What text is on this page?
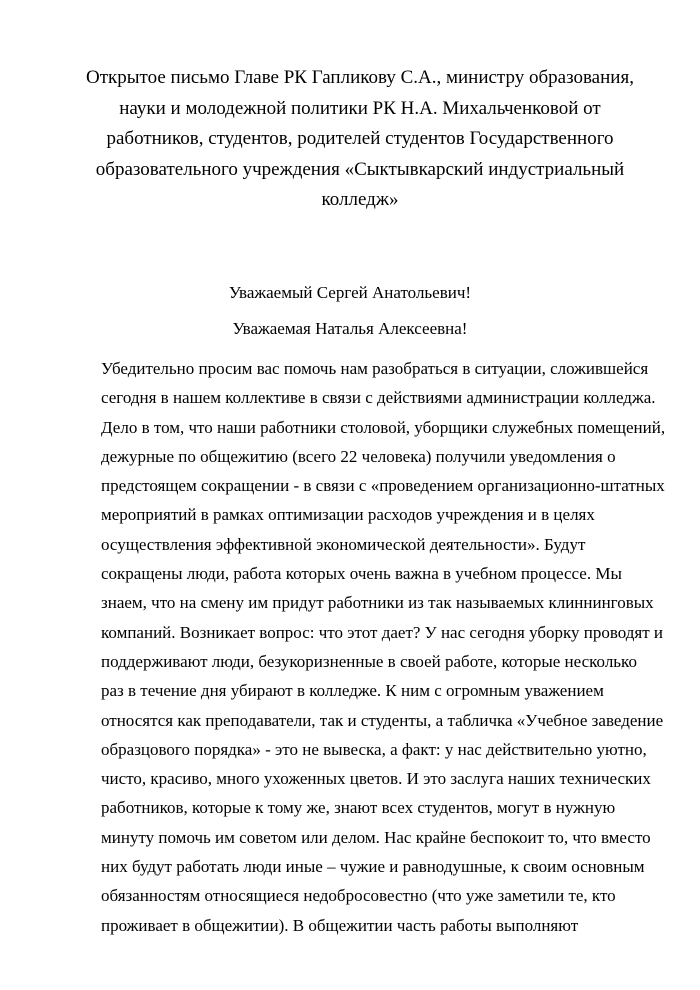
Открытое письмо Главе РК Гапликову С.А., министру образования,
науки и молодежной политики РК Н.А. Михальченковой от
работников, студентов, родителей студентов Государственного
образовательного учреждения «Сыктывкарский индустриальный
колледж»
Уважаемый Сергей Анатольевич!
Уважаемая Наталья Алексеевна!
Убедительно просим вас помочь нам разобраться в ситуации, сложившейся
сегодня в нашем коллективе в связи с действиями администрации колледжа.
Дело в том, что наши работники столовой, уборщики служебных помещений,
дежурные по общежитию (всего 22 человека) получили уведомления о
предстоящем сокращении - в связи с «проведением организационно-штатных
мероприятий в рамках оптимизации расходов учреждения и в целях
осуществления эффективной экономической деятельности». Будут
сокращены люди, работа которых очень важна в учебном процессе. Мы
знаем, что на смену им придут работники из так называемых клиннинговых
компаний. Возникает вопрос: что этот дает? У нас сегодня уборку проводят и
поддерживают люди, безукоризненные в своей работе, которые несколько
раз в течение дня убирают в колледже. К ним с огромным уважением
относятся как преподаватели, так и студенты, а табличка «Учебное заведение
образцового порядка» - это не вывеска, а факт: у нас действительно уютно,
чисто, красиво, много ухоженных цветов. И это заслуга наших технических
работников, которые к тому же, знают всех студентов, могут в нужную
минуту помочь им советом или делом. Нас крайне беспокоит то, что вместо
них будут работать люди иные – чужие и равнодушные, к своим основным
обязанностям относящиеся недобросовестно (что уже заметили те, кто
проживает в общежитии). В общежитии часть работы выполняют
